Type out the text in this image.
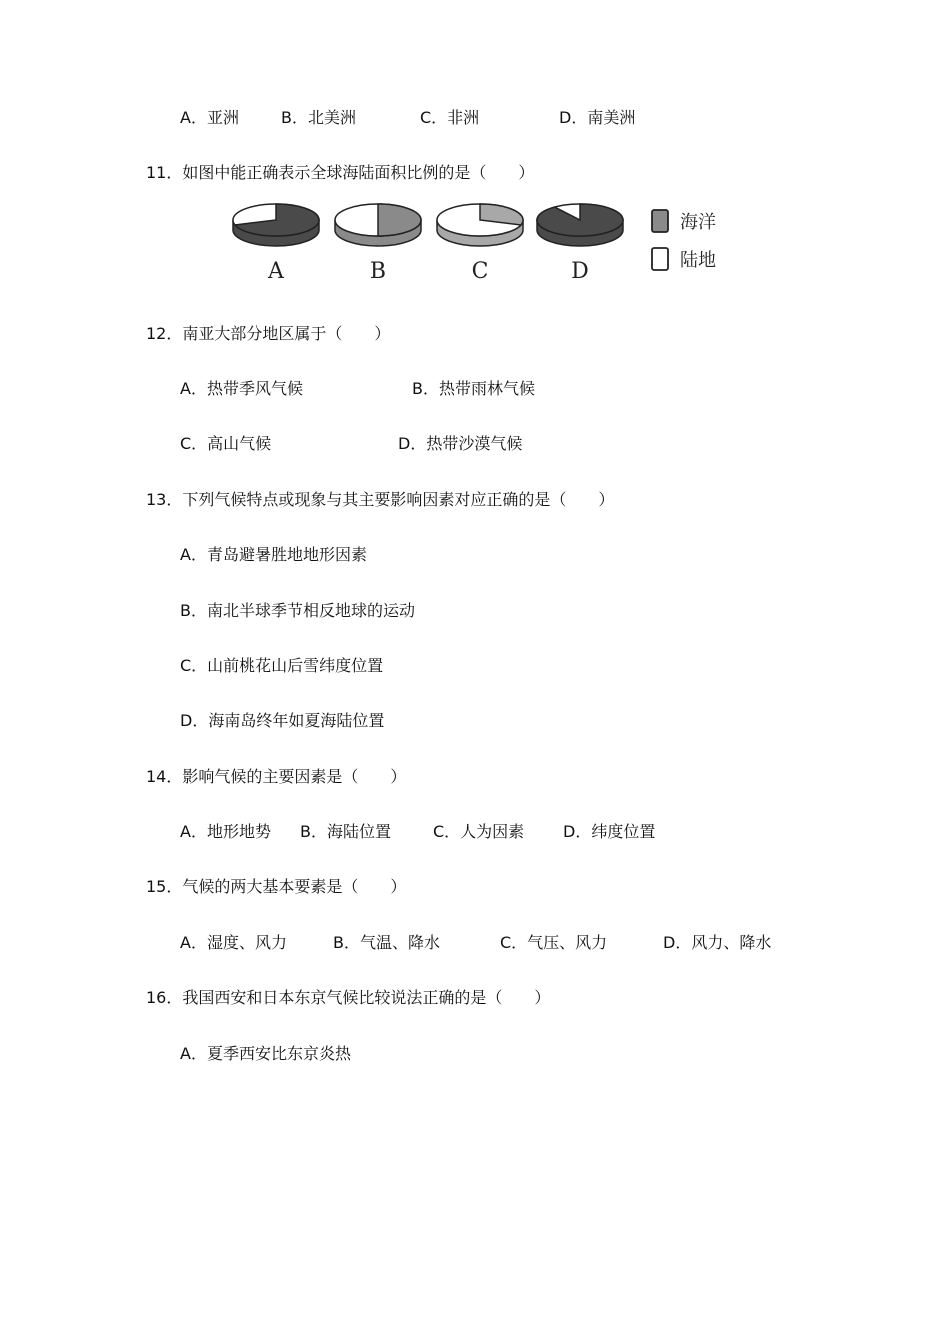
A．亚洲	B．北美洲	C．非洲	D．南美洲
11．如图中能正确表示全球海陆面积比例的是（　　）
A	B	C	D
海洋
陆地
12．南亚大部分地区属于（　　）
A．热带季风气候	B．热带雨林气候
C．高山气候	D．热带沙漠气候
13．下列气候特点或现象与其主要影响因素对应正确的是（　　）
A．青岛避暑胜地地形因素
B．南北半球季节相反地球的运动
C．山前桃花山后雪纬度位置
D．海南岛终年如夏海陆位置
14．影响气候的主要因素是（　　）
A．地形地势 B．海陆位置	C．人为因素 D．纬度位置
15．气候的两大基本要素是（　　）
A．湿度、风力	B．气温、降水	C．气压、风力	D．风力、降水
16．我国西安和日本东京气候比较说法正确的是（　　）
A．夏季西安比东京炎热
